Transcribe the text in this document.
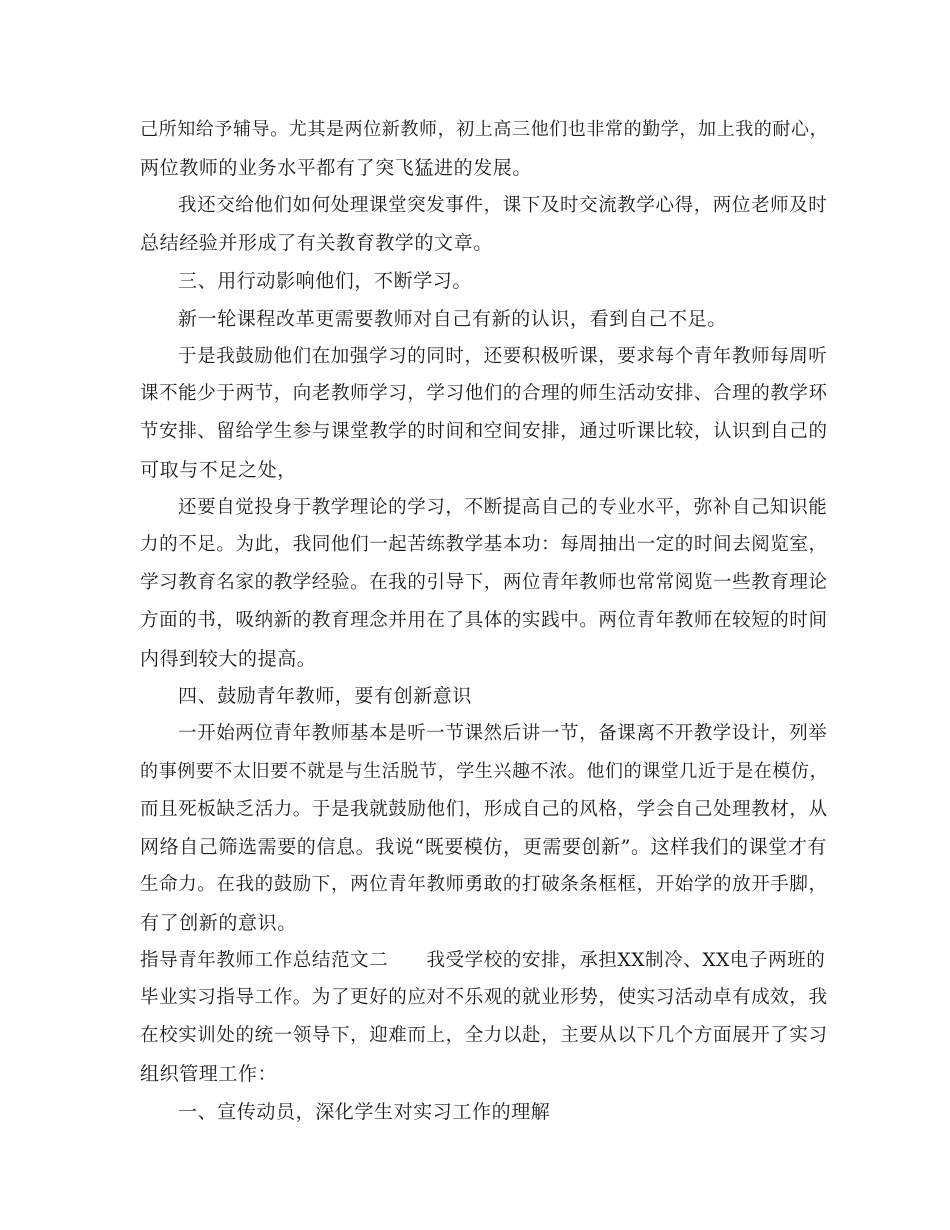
己所知给予辅导。尤其是两位新教师，初上高三他们也非常的勤学，加上我的耐心，
两位教师的业务水平都有了突飞猛进的发展。
我还交给他们如何处理课堂突发事件，课下及时交流教学心得，两位老师及时
总结经验并形成了有关教育教学的文章。
三、用行动影响他们，不断学习。
新一轮课程改革更需要教师对自己有新的认识，看到自己不足。
于是我鼓励他们在加强学习的同时，还要积极听课，要求每个青年教师每周听
课不能少于两节，向老教师学习，学习他们的合理的师生活动安排、合理的教学环
节安排、留给学生参与课堂教学的时间和空间安排，通过听课比较，认识到自己的
可取与不足之处，
还要自觉投身于教学理论的学习，不断提高自己的专业水平，弥补自己知识能
力的不足。为此，我同他们一起苦练教学基本功：每周抽出一定的时间去阅览室，
学习教育名家的教学经验。在我的引导下，两位青年教师也常常阅览一些教育理论
方面的书，吸纳新的教育理念并用在了具体的实践中。两位青年教师在较短的时间
内得到较大的提高。
四、鼓励青年教师，要有创新意识
一开始两位青年教师基本是听一节课然后讲一节，备课离不开教学设计，列举
的事例要不太旧要不就是与生活脱节，学生兴趣不浓。他们的课堂几近于是在模仿，
而且死板缺乏活力。于是我就鼓励他们，形成自己的风格，学会自己处理教材，从
网络自己筛选需要的信息。我说“既要模仿，更需要创新”。这样我们的课堂才有
生命力。在我的鼓励下，两位青年教师勇敢的打破条条框框，开始学的放开手脚，
有了创新的意识。
指导青年教师工作总结范文二　　我受学校的安排，承担XX制冷、XX电子两班的
毕业实习指导工作。为了更好的应对不乐观的就业形势，使实习活动卓有成效，我
在校实训处的统一领导下，迎难而上，全力以赴，主要从以下几个方面展开了实习
组织管理工作：
一、宣传动员，深化学生对实习工作的理解
